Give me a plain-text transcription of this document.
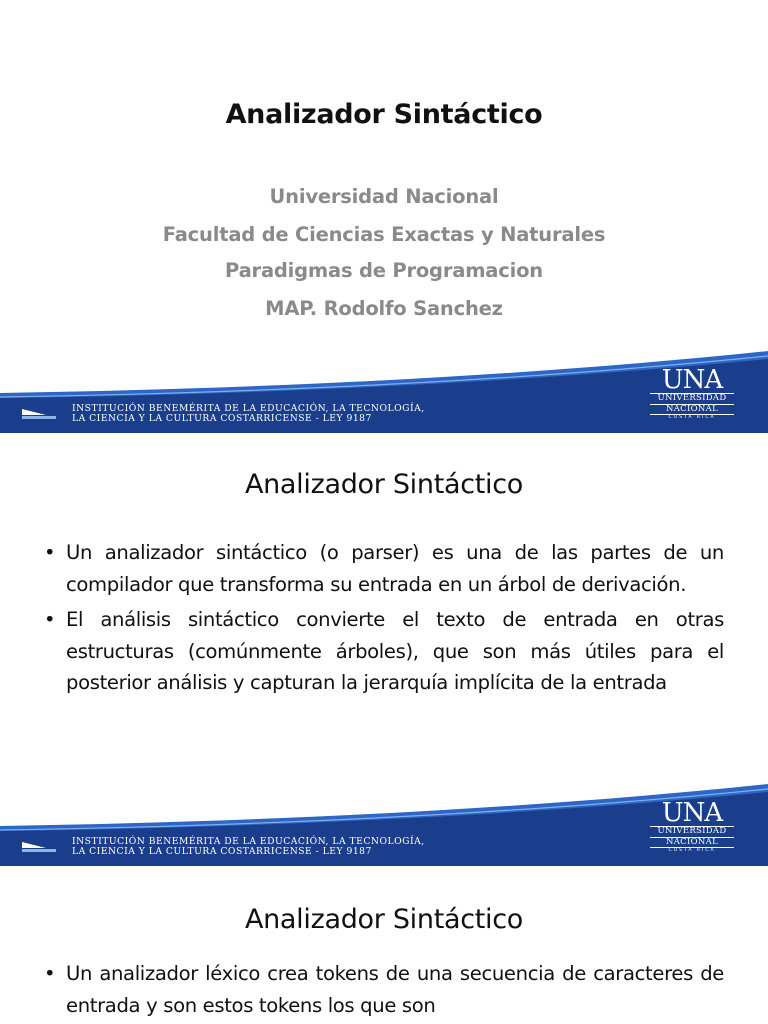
Analizador Sintáctico
Universidad Nacional
Facultad de Ciencias Exactas y Naturales
Paradigmas de Programacion
MAP. Rodolfo Sanchez
INSTITUCIÓN BENEMÉRITA DE LA EDUCACIÓN, LA TECNOLOGÍA,
LA CIENCIA Y LA CULTURA COSTARRICENSE - LEY 9187
UNA
UNIVERSIDAD
NACIONAL
COSTA RICA
Analizador Sintáctico
• Un analizador sintáctico (o parser) es una de las partes de un compilador que transforma su entrada en un árbol de derivación.
• El análisis sintáctico convierte el texto de entrada en otras estructuras (comúnmente árboles), que son más útiles para el posterior análisis y capturan la jerarquía implícita de la entrada
INSTITUCIÓN BENEMÉRITA DE LA EDUCACIÓN, LA TECNOLOGÍA,
LA CIENCIA Y LA CULTURA COSTARRICENSE - LEY 9187
UNA
UNIVERSIDAD
NACIONAL
COSTA RICA
Analizador Sintáctico
• Un analizador léxico crea tokens de una secuencia de caracteres de entrada y son estos tokens los que son
